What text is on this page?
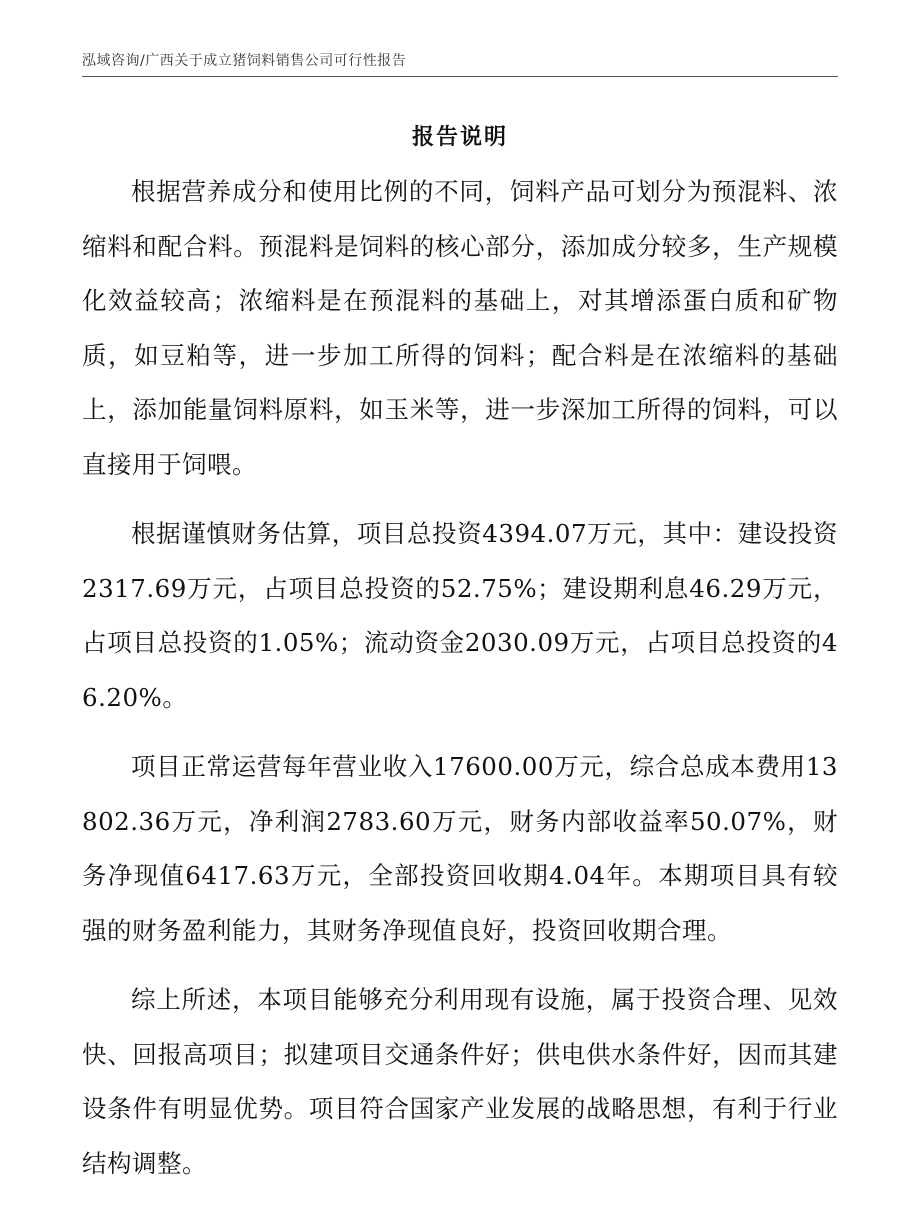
泓域咨询/广西关于成立猪饲料销售公司可行性报告
报告说明

根据营养成分和使用比例的不同，饲料产品可划分为预混料、浓缩料和配合料。预混料是饲料的核心部分，添加成分较多，生产规模化效益较高；浓缩料是在预混料的基础上，对其增添蛋白质和矿物质，如豆粕等，进一步加工所得的饲料；配合料是在浓缩料的基础上，添加能量饲料原料，如玉米等，进一步深加工所得的饲料，可以直接用于饲喂。

根据谨慎财务估算，项目总投资4394.07万元，其中：建设投资2317.69万元，占项目总投资的52.75%；建设期利息46.29万元，占项目总投资的1.05%；流动资金2030.09万元，占项目总投资的46.20%。

项目正常运营每年营业收入17600.00万元，综合总成本费用13802.36万元，净利润2783.60万元，财务内部收益率50.07%，财务净现值6417.63万元，全部投资回收期4.04年。本期项目具有较强的财务盈利能力，其财务净现值良好，投资回收期合理。

综上所述，本项目能够充分利用现有设施，属于投资合理、见效快、回报高项目；拟建项目交通条件好；供电供水条件好，因而其建设条件有明显优势。项目符合国家产业发展的战略思想，有利于行业结构调整。
